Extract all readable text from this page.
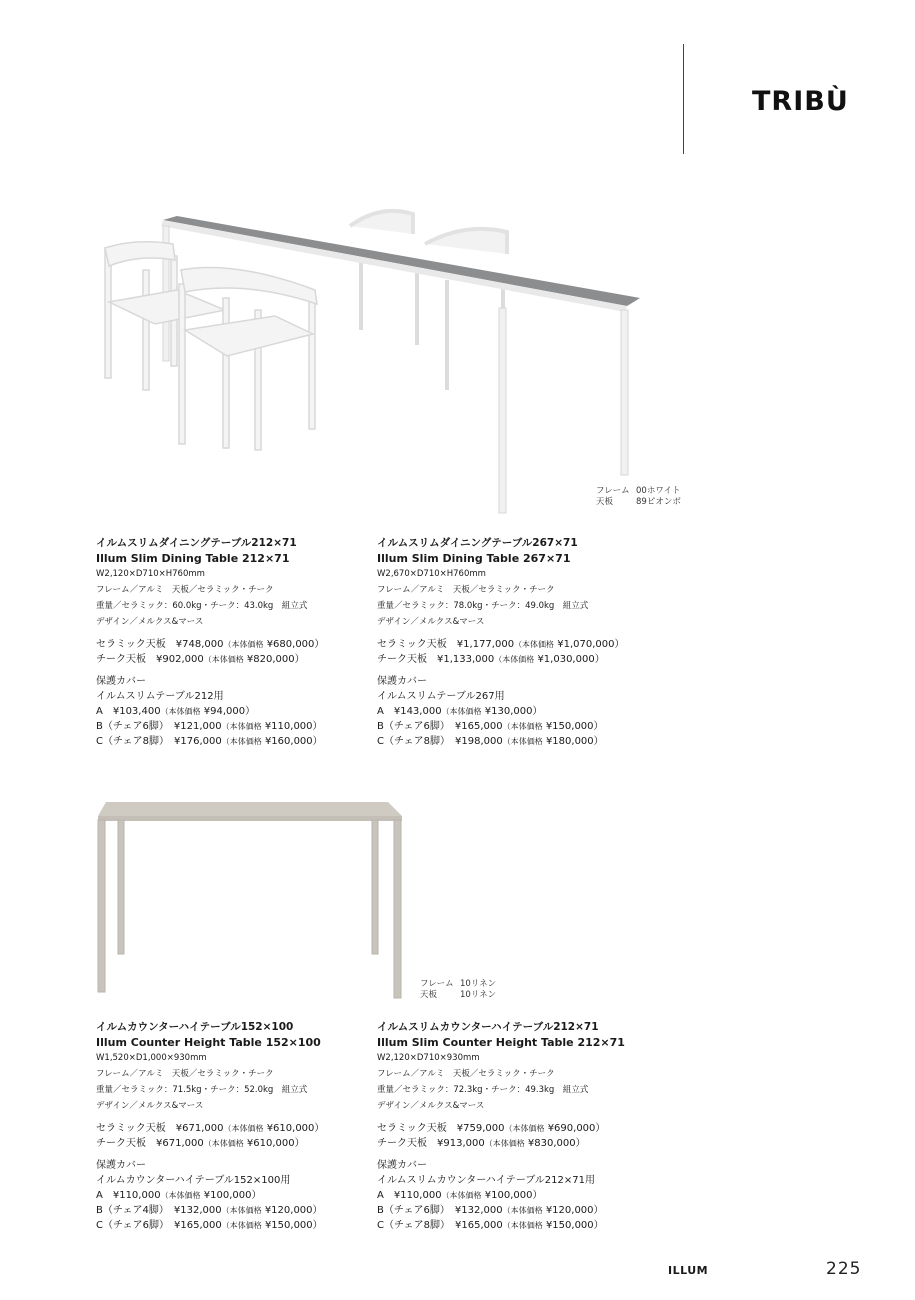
TRIBÙ
フレーム 00ホワイト
天板	89ピオンボ
フレーム 10リネン
天板	10リネン
イルムスリムダイニングテーブル212×71
Illum Slim Dining Table 212×71
W2,120×D710×H760mm
フレーム／アルミ　天板／セラミック・チーク
重量／セラミック：60.0kg・チーク：43.0kg　組立式
デザイン／メルクス&マース
セラミック天板　¥748,000（本体価格 ¥680,000）
チーク天板　¥902,000（本体価格 ¥820,000）
保護カバー
イルムスリムテーブル212用
A　¥103,400（本体価格 ¥94,000）
B（チェア6脚）　¥121,000（本体価格 ¥110,000）
C（チェア8脚）　¥176,000（本体価格 ¥160,000）
イルムスリムダイニングテーブル267×71
Illum Slim Dining Table 267×71
W2,670×D710×H760mm
フレーム／アルミ　天板／セラミック・チーク
重量／セラミック：78.0kg・チーク：49.0kg　組立式
デザイン／メルクス&マース
セラミック天板　¥1,177,000（本体価格 ¥1,070,000）
チーク天板　¥1,133,000（本体価格 ¥1,030,000）
保護カバー
イルムスリムテーブル267用
A　¥143,000（本体価格 ¥130,000）
B（チェア6脚）　¥165,000（本体価格 ¥150,000）
C（チェア8脚）　¥198,000（本体価格 ¥180,000）
イルムカウンターハイテーブル152×100
Illum Counter Height Table 152×100
W1,520×D1,000×930mm
フレーム／アルミ　天板／セラミック・チーク
重量／セラミック：71.5kg・チーク：52.0kg　組立式
デザイン／メルクス&マース
セラミック天板　¥671,000（本体価格 ¥610,000）
チーク天板　¥671,000（本体価格 ¥610,000）
保護カバー
イルムカウンターハイテーブル152×100用
A　¥110,000（本体価格 ¥100,000）
B（チェア4脚）　¥132,000（本体価格 ¥120,000）
C（チェア6脚）　¥165,000（本体価格 ¥150,000）
イルムスリムカウンターハイテーブル212×71
Illum Slim Counter Height Table 212×71
W2,120×D710×930mm
フレーム／アルミ　天板／セラミック・チーク
重量／セラミック：72.3kg・チーク：49.3kg　組立式
デザイン／メルクス&マース
セラミック天板　¥759,000（本体価格 ¥690,000）
チーク天板　¥913,000（本体価格 ¥830,000）
保護カバー
イルムスリムカウンターハイテーブル212×71用
A　¥110,000（本体価格 ¥100,000）
B（チェア6脚）　¥132,000（本体価格 ¥120,000）
C（チェア8脚）　¥165,000（本体価格 ¥150,000）
ILLUM	225
